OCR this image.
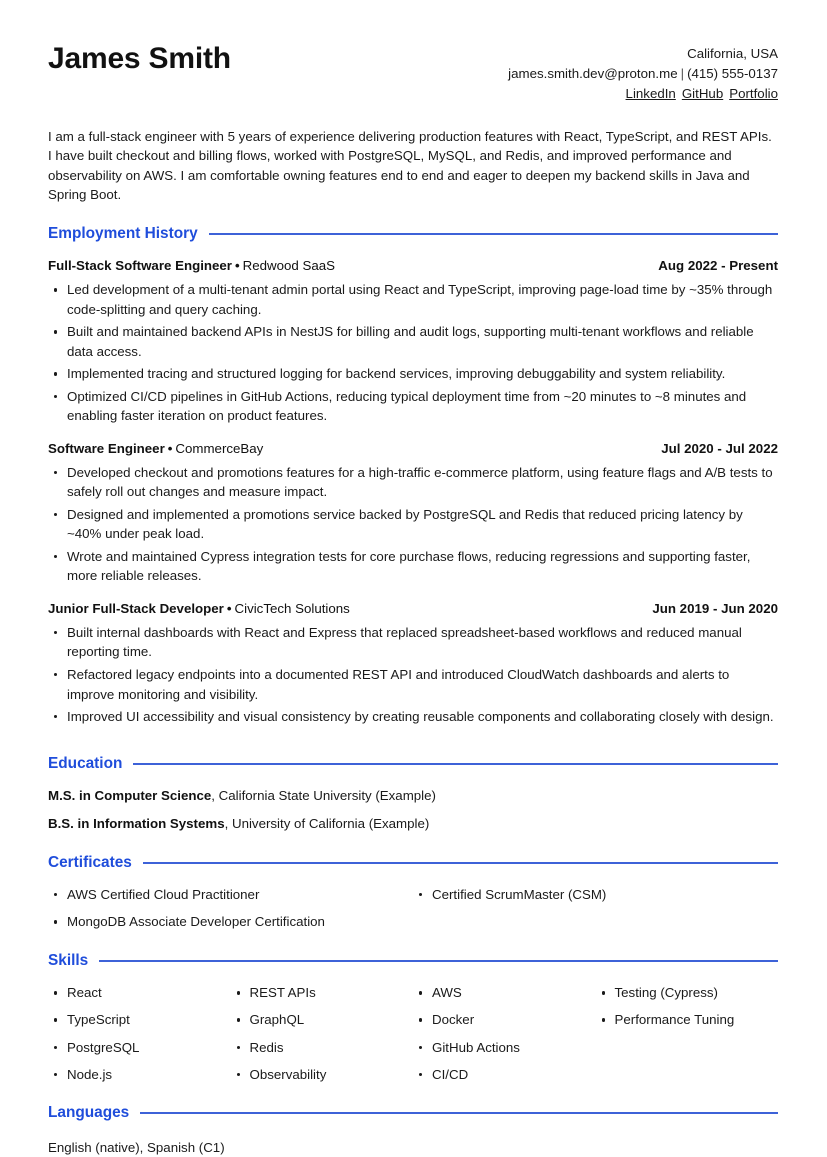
James Smith	California, USA
james.smith.dev@proton.me | (415) 555-0137
LinkedIn GitHub Portfolio
I am a full-stack engineer with 5 years of experience delivering production features with React, TypeScript, and REST APIs. I have built checkout and billing flows, worked with PostgreSQL, MySQL, and Redis, and improved performance and observability on AWS. I am comfortable owning features end to end and eager to deepen my backend skills in Java and Spring Boot.
Employment History
Full-Stack Software Engineer • Redwood SaaS	Aug 2022 - Present
Led development of a multi-tenant admin portal using React and TypeScript, improving page-load time by ~35% through code-splitting and query caching.
Built and maintained backend APIs in NestJS for billing and audit logs, supporting multi-tenant workflows and reliable data access.
Implemented tracing and structured logging for backend services, improving debuggability and system reliability.
Optimized CI/CD pipelines in GitHub Actions, reducing typical deployment time from ~20 minutes to ~8 minutes and enabling faster iteration on product features.
Software Engineer • CommerceBay	Jul 2020 - Jul 2022
Developed checkout and promotions features for a high-traffic e-commerce platform, using feature flags and A/B tests to safely roll out changes and measure impact.
Designed and implemented a promotions service backed by PostgreSQL and Redis that reduced pricing latency by ~40% under peak load.
Wrote and maintained Cypress integration tests for core purchase flows, reducing regressions and supporting faster, more reliable releases.
Junior Full-Stack Developer • CivicTech Solutions	Jun 2019 - Jun 2020
Built internal dashboards with React and Express that replaced spreadsheet-based workflows and reduced manual reporting time.
Refactored legacy endpoints into a documented REST API and introduced CloudWatch dashboards and alerts to improve monitoring and visibility.
Improved UI accessibility and visual consistency by creating reusable components and collaborating closely with design.
Education
M.S. in Computer Science, California State University (Example)
B.S. in Information Systems, University of California (Example)
Certificates
AWS Certified Cloud Practitioner
MongoDB Associate Developer Certification
Certified ScrumMaster (CSM)
Skills
React
TypeScript
PostgreSQL
Node.js
REST APIs
GraphQL
Redis
Observability
AWS
Docker
GitHub Actions
CI/CD
Testing (Cypress)
Performance Tuning
Languages
English (native), Spanish (C1)
